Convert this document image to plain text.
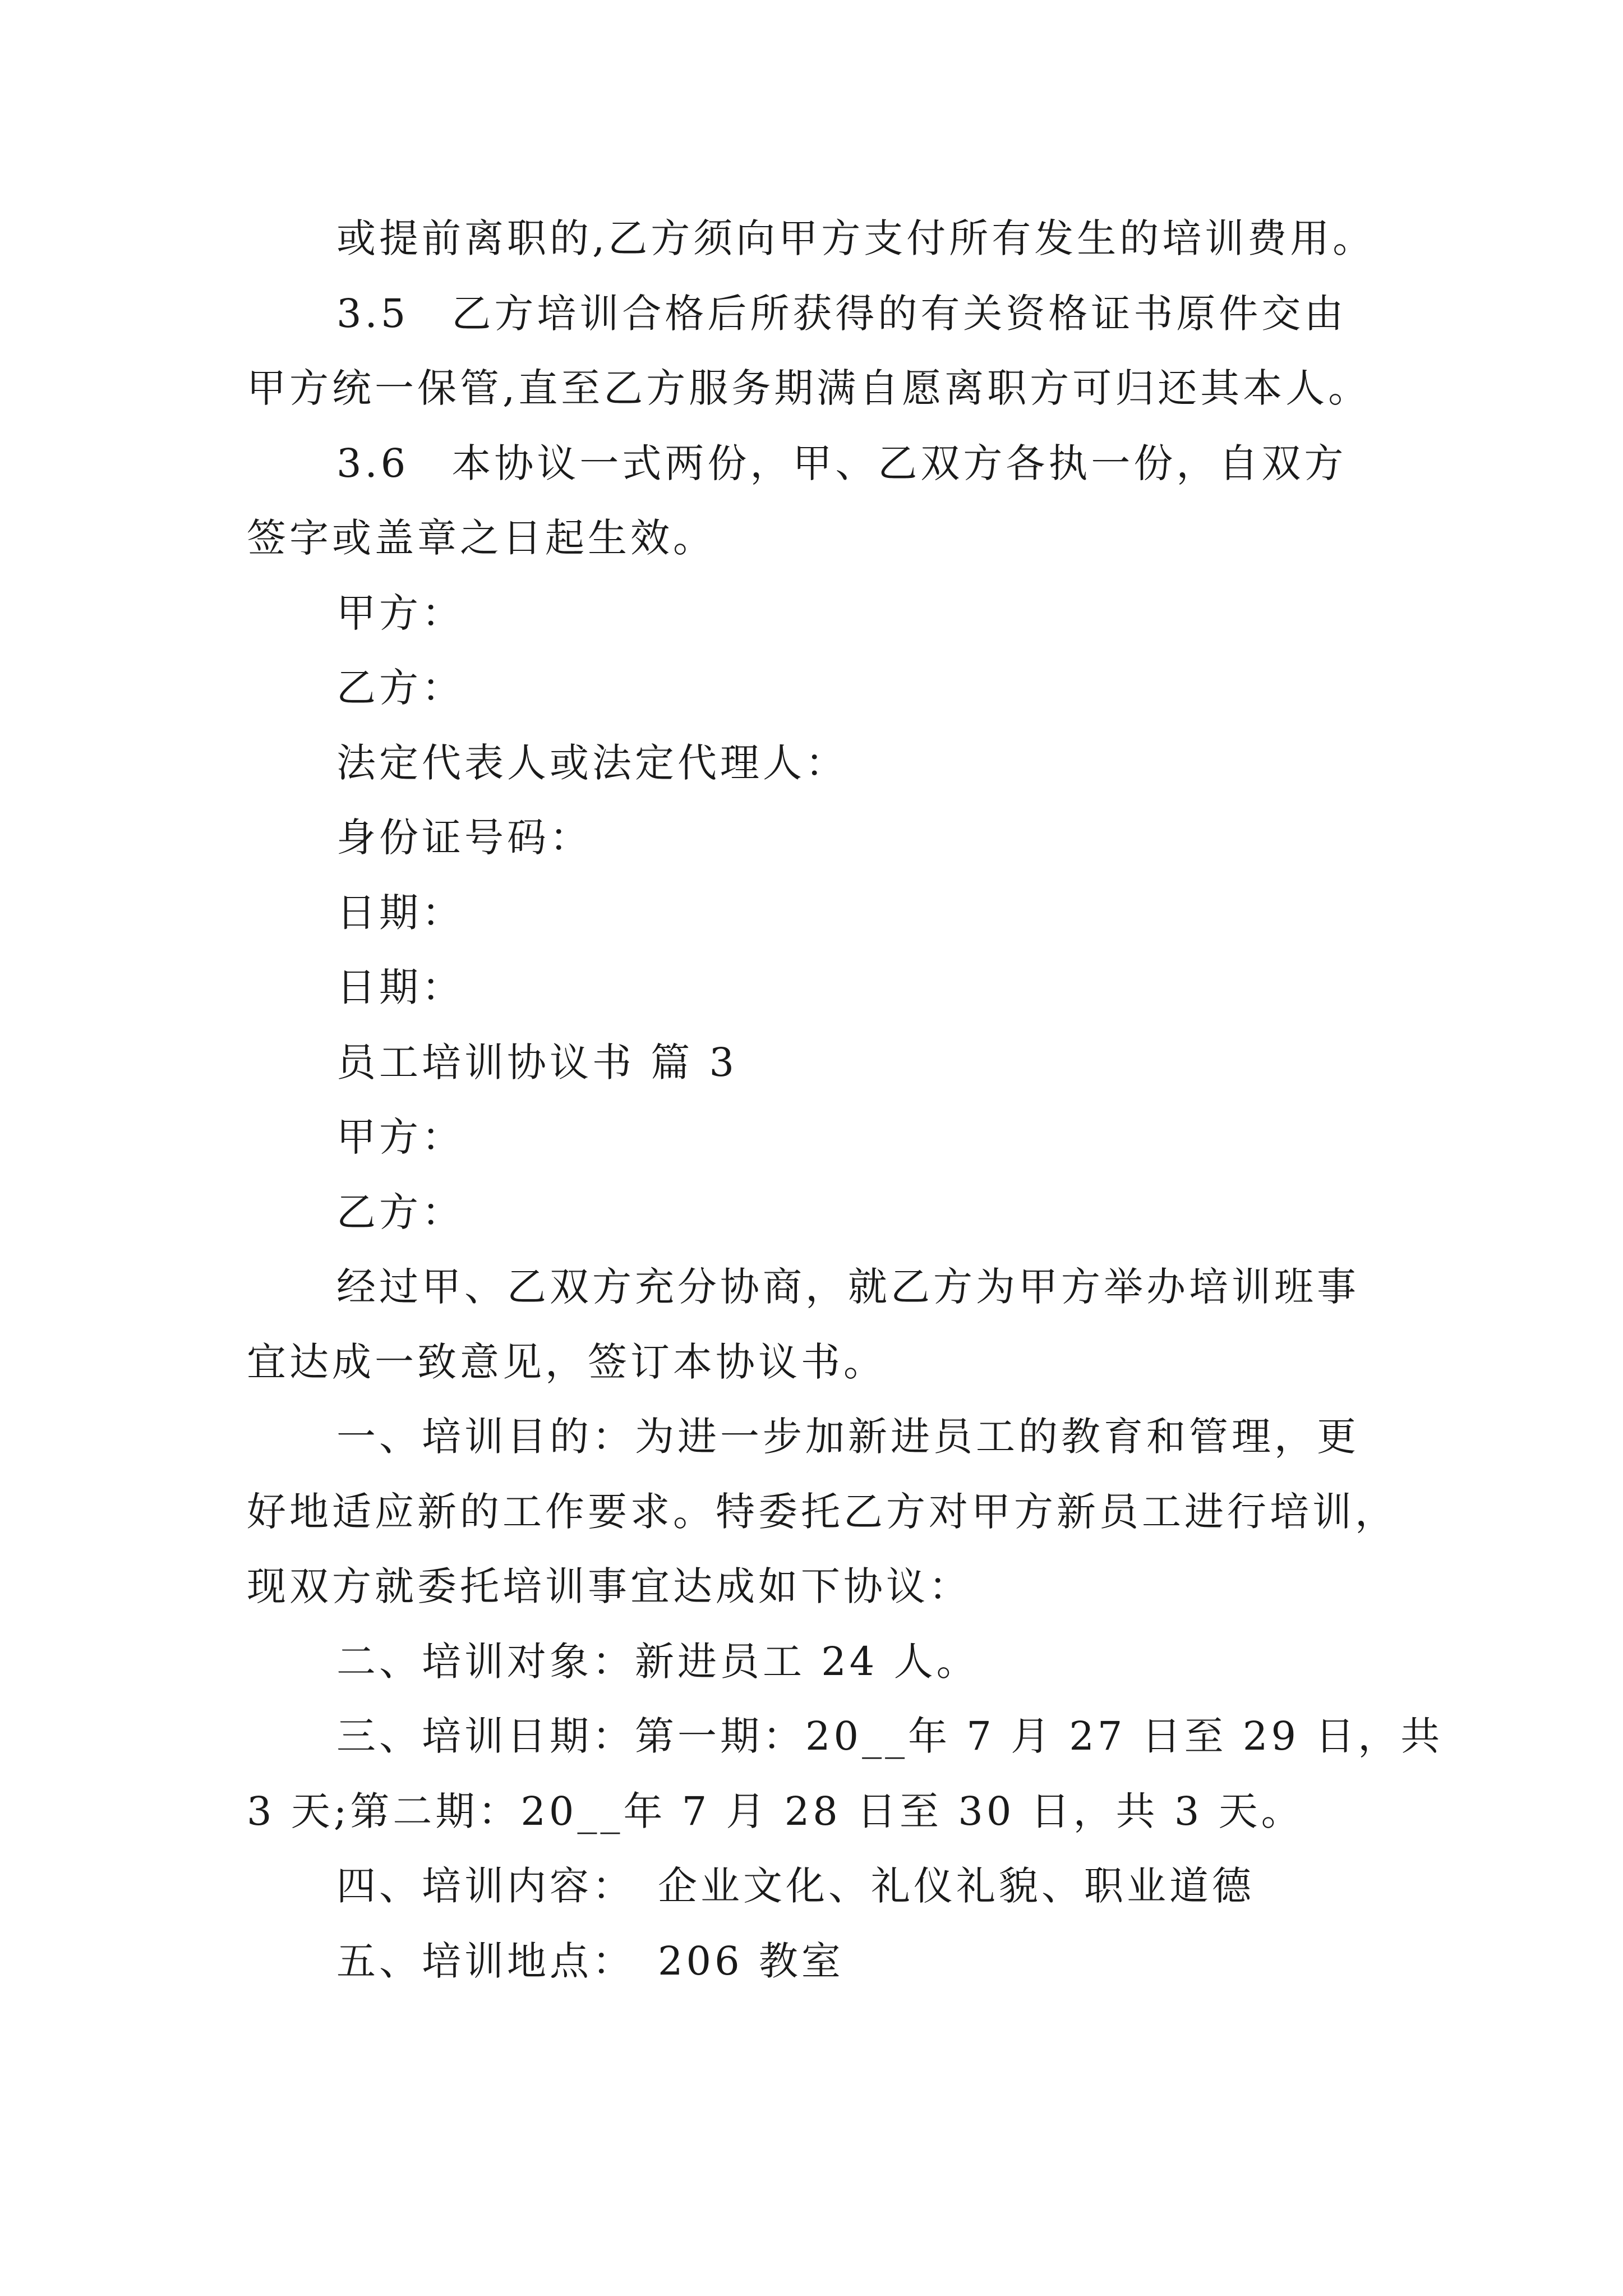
或提前离职的,乙方须向甲方支付所有发生的培训费用。
3.5　乙方培训合格后所获得的有关资格证书原件交由
甲方统一保管,直至乙方服务期满自愿离职方可归还其本人。
3.6　本协议一式两份，甲、乙双方各执一份，自双方
签字或盖章之日起生效。
甲方：
乙方：
法定代表人或法定代理人：
身份证号码：
日期：
日期：
员工培训协议书 篇 3
甲方：
乙方：
经过甲、乙双方充分协商，就乙方为甲方举办培训班事
宜达成一致意见，签订本协议书。
一、培训目的：为进一步加新进员工的教育和管理，更
好地适应新的工作要求。特委托乙方对甲方新员工进行培训，
现双方就委托培训事宜达成如下协议：
二、培训对象：新进员工 24 人。
三、培训日期：第一期：20__年 7 月 27 日至 29 日，共
3 天;第二期：20__年 7 月 28 日至 30 日，共 3 天。
四、培训内容：　企业文化、礼仪礼貌、职业道德
五、培训地点：　206 教室
